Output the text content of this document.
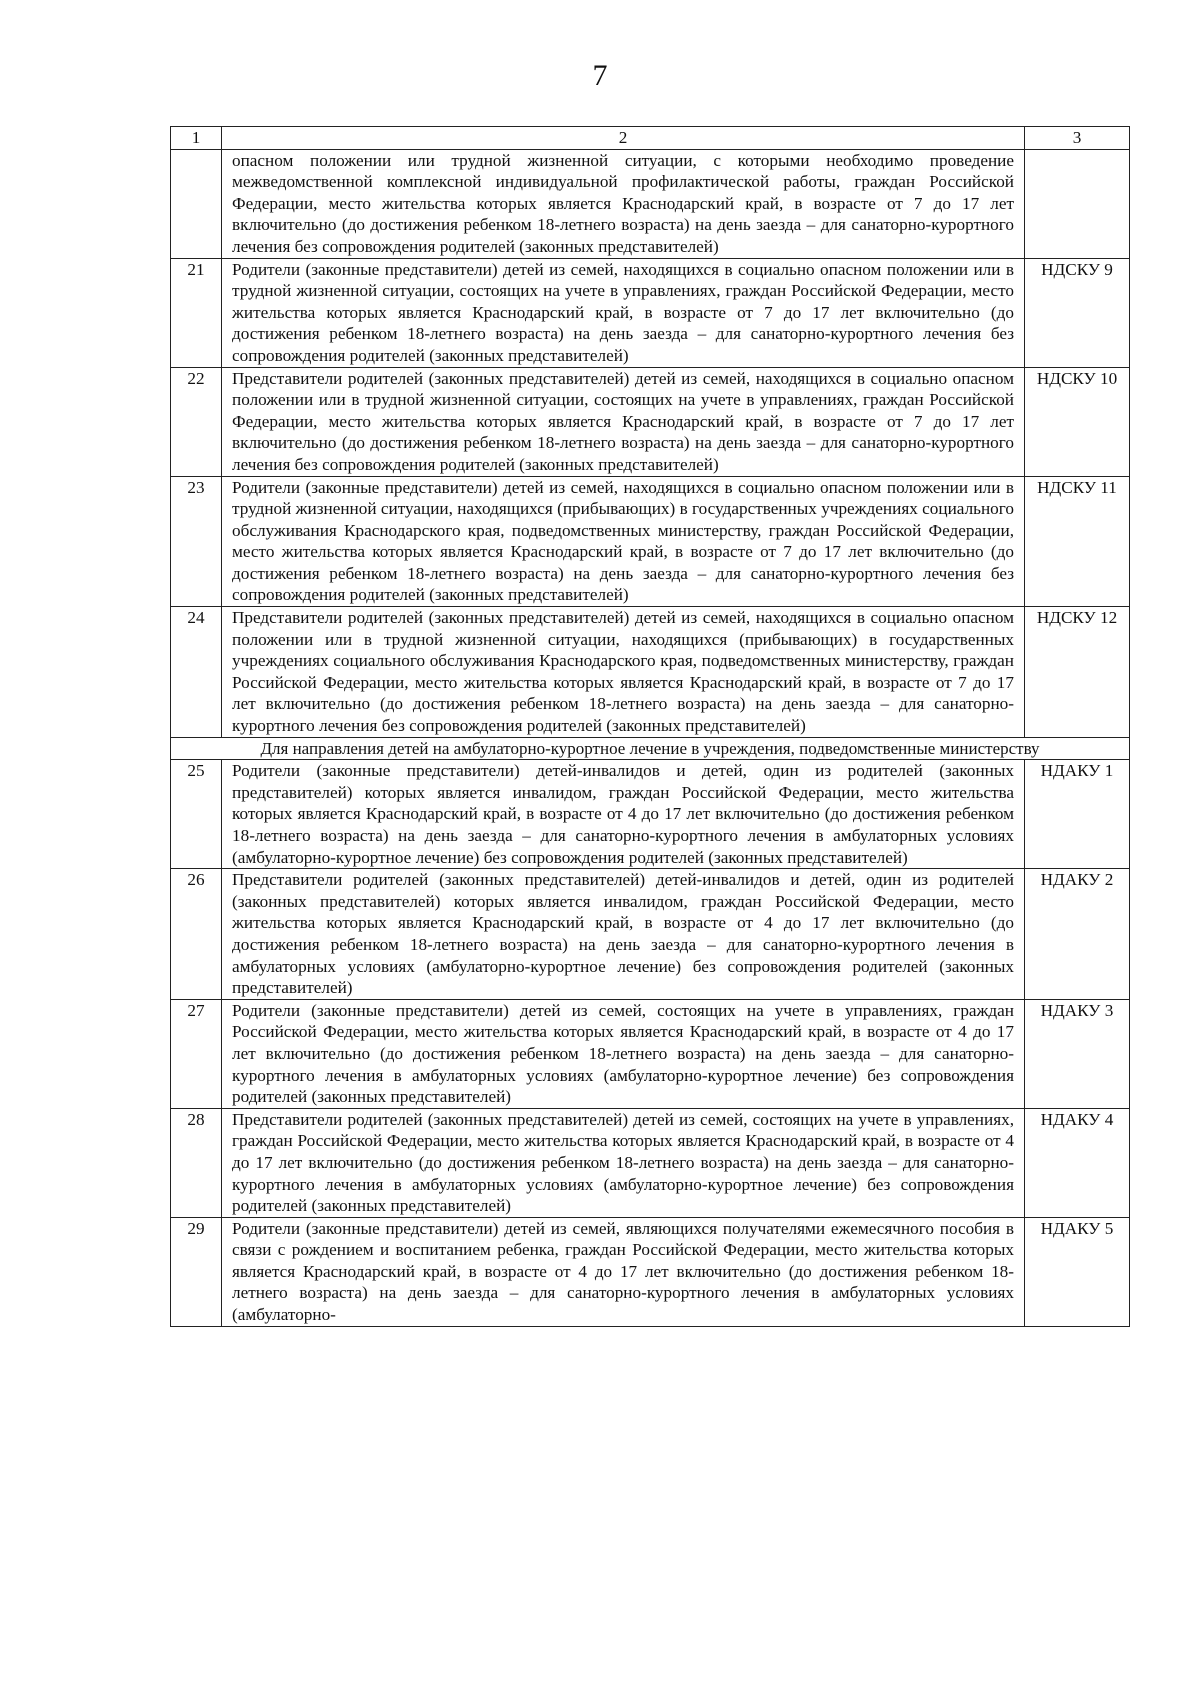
7
1	2	3
	опасном положении или трудной жизненной ситуации, с которыми необходимо проведение межведомственной комплексной индивидуальной профилактической работы, граждан Российской Федерации, место жительства которых является Краснодарский край, в возрасте от 7 до 17 лет включительно (до достижения ребенком 18-летнего возраста) на день заезда – для санаторно-курортного лечения без сопровождения родителей (законных представителей)	
21	Родители (законные представители) детей из семей, находящихся в социально опасном положении или в трудной жизненной ситуации, состоящих на учете в управлениях, граждан Российской Федерации, место жительства которых является Краснодарский край, в возрасте от 7 до 17 лет включительно (до достижения ребенком 18-летнего возраста) на день заезда – для санаторно-курортного лечения без сопровождения родителей (законных представителей)	НДСКУ 9
22	Представители родителей (законных представителей) детей из семей, находящихся в социально опасном положении или в трудной жизненной ситуации, состоящих на учете в управлениях, граждан Российской Федерации, место жительства которых является Краснодарский край, в возрасте от 7 до 17 лет включительно (до достижения ребенком 18-летнего возраста) на день заезда – для санаторно-курортного лечения без сопровождения родителей (законных представителей)	НДСКУ 10
23	Родители (законные представители) детей из семей, находящихся в социально опасном положении или в трудной жизненной ситуации, находящихся (прибывающих) в государственных учреждениях социального обслуживания Краснодарского края, подведомственных министерству, граждан Российской Федерации, место жительства которых является Краснодарский край, в возрасте от 7 до 17 лет включительно (до достижения ребенком 18-летнего возраста) на день заезда – для санаторно-курортного лечения без сопровождения родителей (законных представителей)	НДСКУ 11
24	Представители родителей (законных представителей) детей из семей, находящихся в социально опасном положении или в трудной жизненной ситуации, находящихся (прибывающих) в государственных учреждениях социального обслуживания Краснодарского края, подведомственных министерству, граждан Российской Федерации, место жительства которых является Краснодарский край, в возрасте от 7 до 17 лет включительно (до достижения ребенком 18-летнего возраста) на день заезда – для санаторно-курортного лечения без сопровождения родителей (законных представителей)	НДСКУ 12
Для направления детей на амбулаторно-курортное лечение в учреждения, подведомственные министерству		
25	Родители (законные представители) детей-инвалидов и детей, один из родителей (законных представителей) которых является инвалидом, граждан Российской Федерации, место жительства которых является Краснодарский край, в возрасте от 4 до 17 лет включительно (до достижения ребенком 18-летнего возраста) на день заезда – для санаторно-курортного лечения в амбулаторных условиях (амбулаторно-курортное лечение) без сопровождения родителей (законных представителей)	НДАКУ 1
26	Представители родителей (законных представителей) детей-инвалидов и детей, один из родителей (законных представителей) которых является инвалидом, граждан Российской Федерации, место жительства которых является Краснодарский край, в возрасте от 4 до 17 лет включительно (до достижения ребенком 18-летнего возраста) на день заезда – для санаторно-курортного лечения в амбулаторных условиях (амбулаторно-курортное лечение) без сопровождения родителей (законных представителей)	НДАКУ 2
27	Родители (законные представители) детей из семей, состоящих на учете в управлениях, граждан Российской Федерации, место жительства которых является Краснодарский край, в возрасте от 4 до 17 лет включительно (до достижения ребенком 18-летнего возраста) на день заезда – для санаторно-курортного лечения в амбулаторных условиях (амбулаторно-курортное лечение) без сопровождения родителей (законных представителей)	НДАКУ 3
28	Представители родителей (законных представителей) детей из семей, состоящих на учете в управлениях, граждан Российской Федерации, место жительства которых является Краснодарский край, в возрасте от 4 до 17 лет включительно (до достижения ребенком 18-летнего возраста) на день заезда – для санаторно-курортного лечения в амбулаторных условиях (амбулаторно-курортное лечение) без сопровождения родителей (законных представителей)	НДАКУ 4
29	Родители (законные представители) детей из семей, являющихся получателями ежемесячного пособия в связи с рождением и воспитанием ребенка, граждан Российской Федерации, место жительства которых является Краснодарский край, в возрасте от 4 до 17 лет включительно (до достижения ребенком 18-летнего возраста) на день заезда – для санаторно-курортного лечения в амбулаторных условиях (амбулаторно-	НДАКУ 5
